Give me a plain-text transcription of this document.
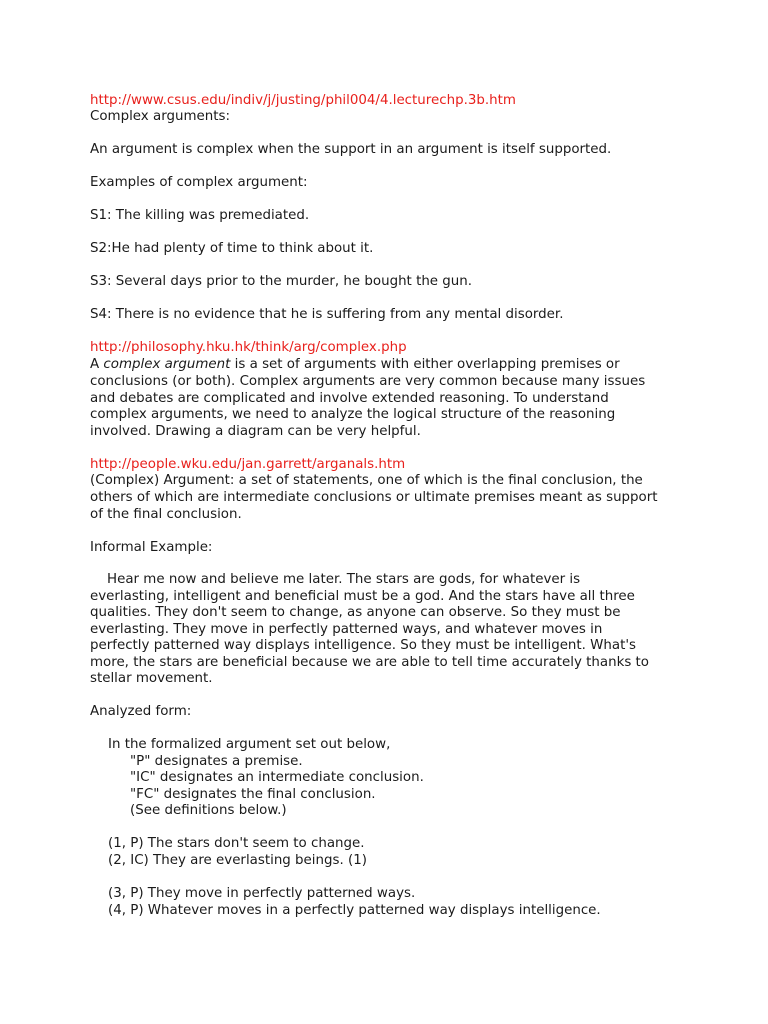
http://www.csus.edu/indiv/j/justing/phil004/4.lecturechp.3b.htm
Complex arguments:
An argument is complex when the support in an argument is itself supported.
Examples of complex argument:
S1: The killing was premediated.
S2:He had plenty of time to think about it.
S3: Several days prior to the murder, he bought the gun.
S4: There is no evidence that he is suffering from any mental disorder.
http://philosophy.hku.hk/think/arg/complex.php
A complex argument is a set of arguments with either overlapping premises or
conclusions (or both). Complex arguments are very common because many issues
and debates are complicated and involve extended reasoning. To understand
complex arguments, we need to analyze the logical structure of the reasoning
involved. Drawing a diagram can be very helpful.
http://people.wku.edu/jan.garrett/arganals.htm
(Complex) Argument: a set of statements, one of which is the final conclusion, the
others of which are intermediate conclusions or ultimate premises meant as support
of the final conclusion.
Informal Example:
Hear me now and believe me later. The stars are gods, for whatever is
everlasting, intelligent and beneficial must be a god. And the stars have all three
qualities. They don't seem to change, as anyone can observe. So they must be
everlasting. They move in perfectly patterned ways, and whatever moves in
perfectly patterned way displays intelligence. So they must be intelligent. What's
more, the stars are beneficial because we are able to tell time accurately thanks to
stellar movement.
Analyzed form:
In the formalized argument set out below,
"P" designates a premise.
"IC" designates an intermediate conclusion.
"FC" designates the final conclusion.
(See definitions below.)
(1, P) The stars don't seem to change.
(2, IC) They are everlasting beings. (1)
(3, P) They move in perfectly patterned ways.
(4, P) Whatever moves in a perfectly patterned way displays intelligence.
